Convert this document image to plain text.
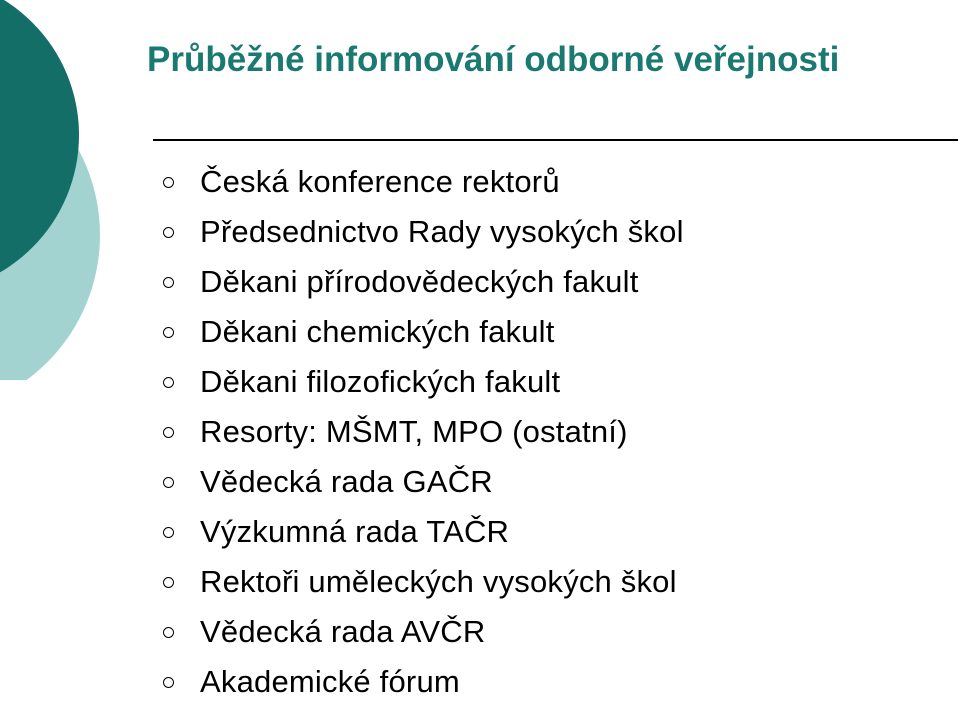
Průběžné informování odborné veřejnosti
Česká konference rektorů
Předsednictvo Rady vysokých škol
Děkani přírodovědeckých fakult
Děkani chemických fakult
Děkani filozofických fakult
Resorty: MŠMT, MPO (ostatní)
Vědecká rada GAČR
Výzkumná rada TAČR
Rektoři uměleckých vysokých škol
Vědecká rada AVČR
Akademické fórum
